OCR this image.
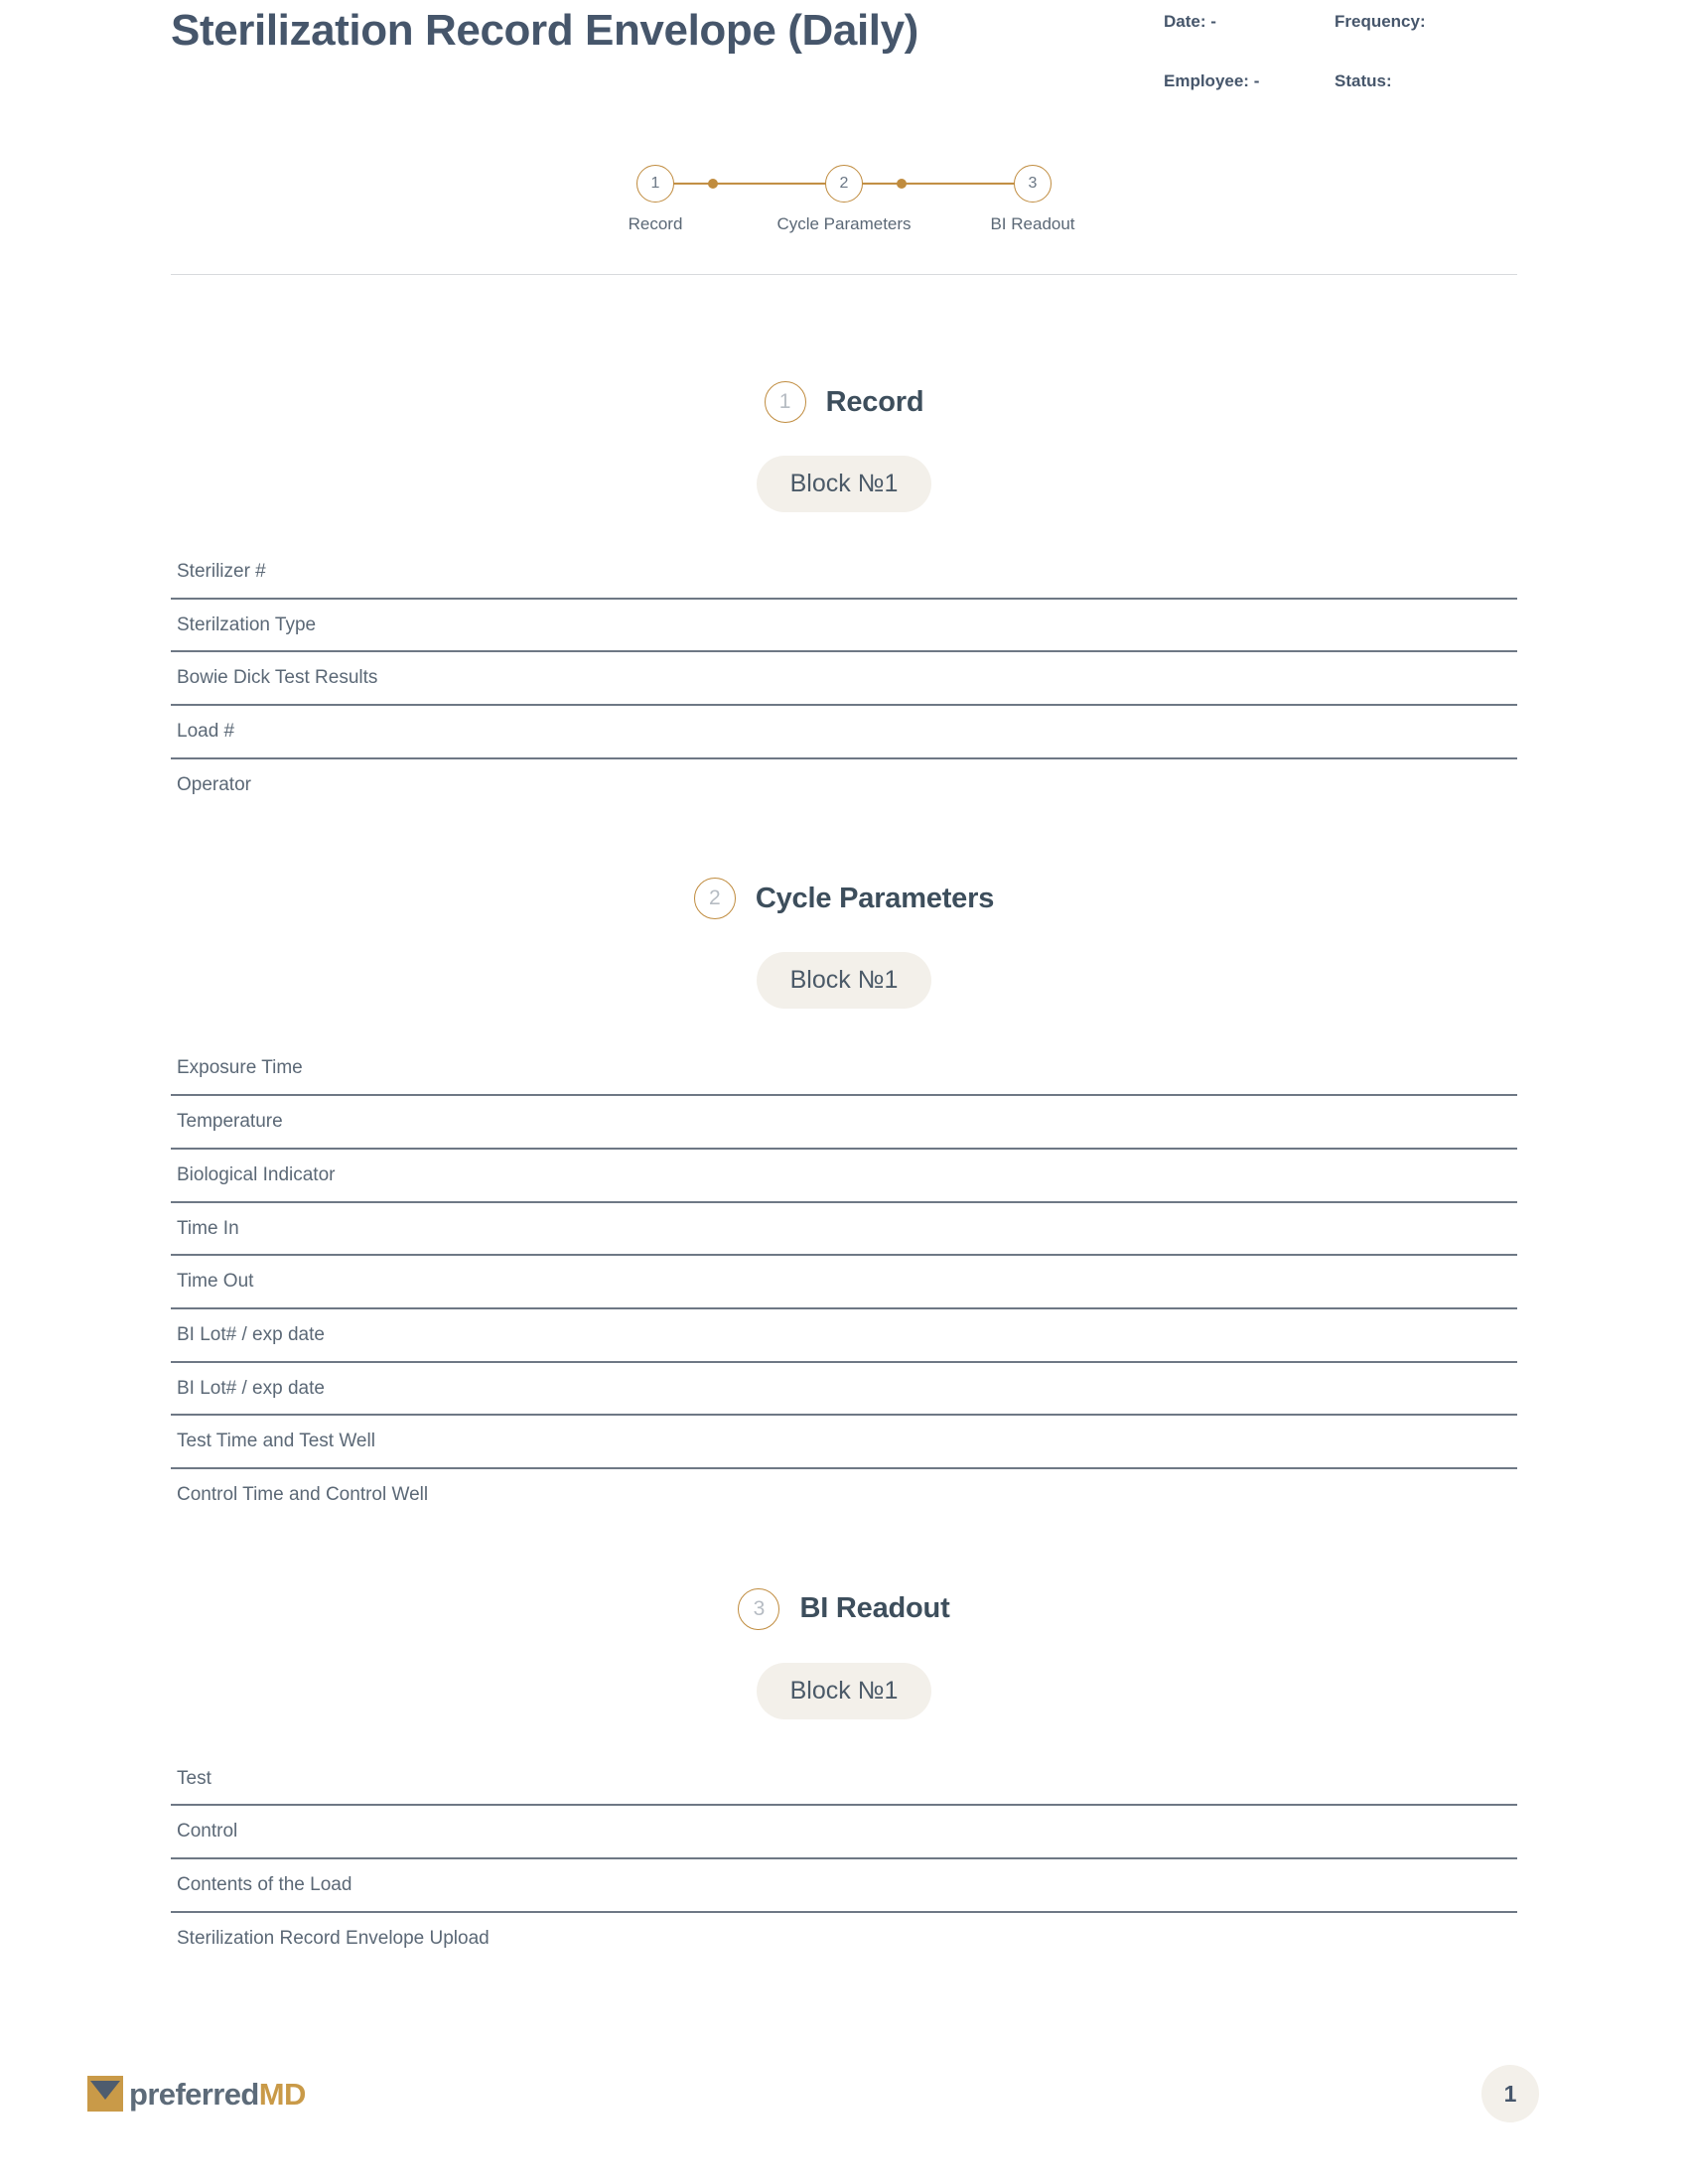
Sterilization Record Envelope (Daily)	Date: -	Frequency:
Employee: -	Status:
1
Record
2
Cycle Parameters
3
BI Readout
1	Record
Block №1
Sterilizer #
Sterilzation Type
Bowie Dick Test Results
Load #
Operator
2	Cycle Parameters
Block №1
Exposure Time
Temperature
Biological Indicator
Time In
Time Out
BI Lot# / exp date
BI Lot# / exp date
Test Time and Test Well
Control Time and Control Well
3	BI Readout
Block №1
Test
Control
Contents of the Load
Sterilization Record Envelope Upload
preferredMD	1
